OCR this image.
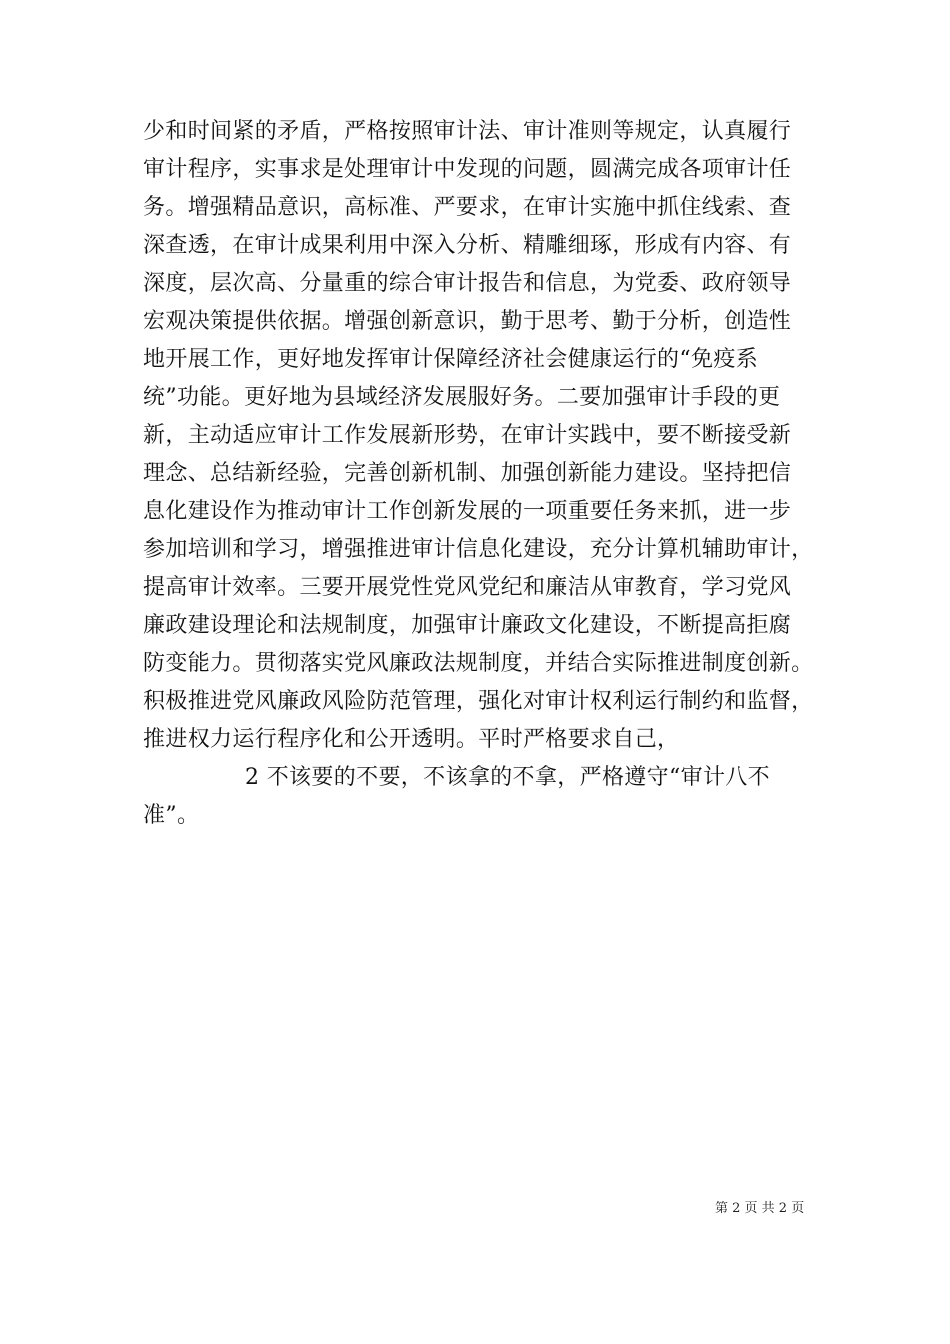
少和时间紧的矛盾，严格按照审计法、审计准则等规定，认真履行
审计程序，实事求是处理审计中发现的问题，圆满完成各项审计任
务。增强精品意识，高标准、严要求，在审计实施中抓住线索、查
深查透，在审计成果利用中深入分析、精雕细琢，形成有内容、有
深度，层次高、分量重的综合审计报告和信息，为党委、政府领导
宏观决策提供依据。增强创新意识，勤于思考、勤于分析，创造性
地开展工作，更好地发挥审计保障经济社会健康运行的“免疫系
统”功能。更好地为县域经济发展服好务。二要加强审计手段的更
新，主动适应审计工作发展新形势，在审计实践中，要不断接受新
理念、总结新经验，完善创新机制、加强创新能力建设。坚持把信
息化建设作为推动审计工作创新发展的一项重要任务来抓，进一步
参加培训和学习，增强推进审计信息化建设，充分计算机辅助审计，
提高审计效率。三要开展党性党风党纪和廉洁从审教育，学习党风
廉政建设理论和法规制度，加强审计廉政文化建设，不断提高拒腐
防变能力。贯彻落实党风廉政法规制度，并结合实际推进制度创新。
积极推进党风廉政风险防范管理，强化对审计权利运行制约和监督，
推进权力运行程序化和公开透明。平时严格要求自己，
2 不该要的不要，不该拿的不拿，严格遵守“审计八不
准”。
第 2 页 共 2 页
